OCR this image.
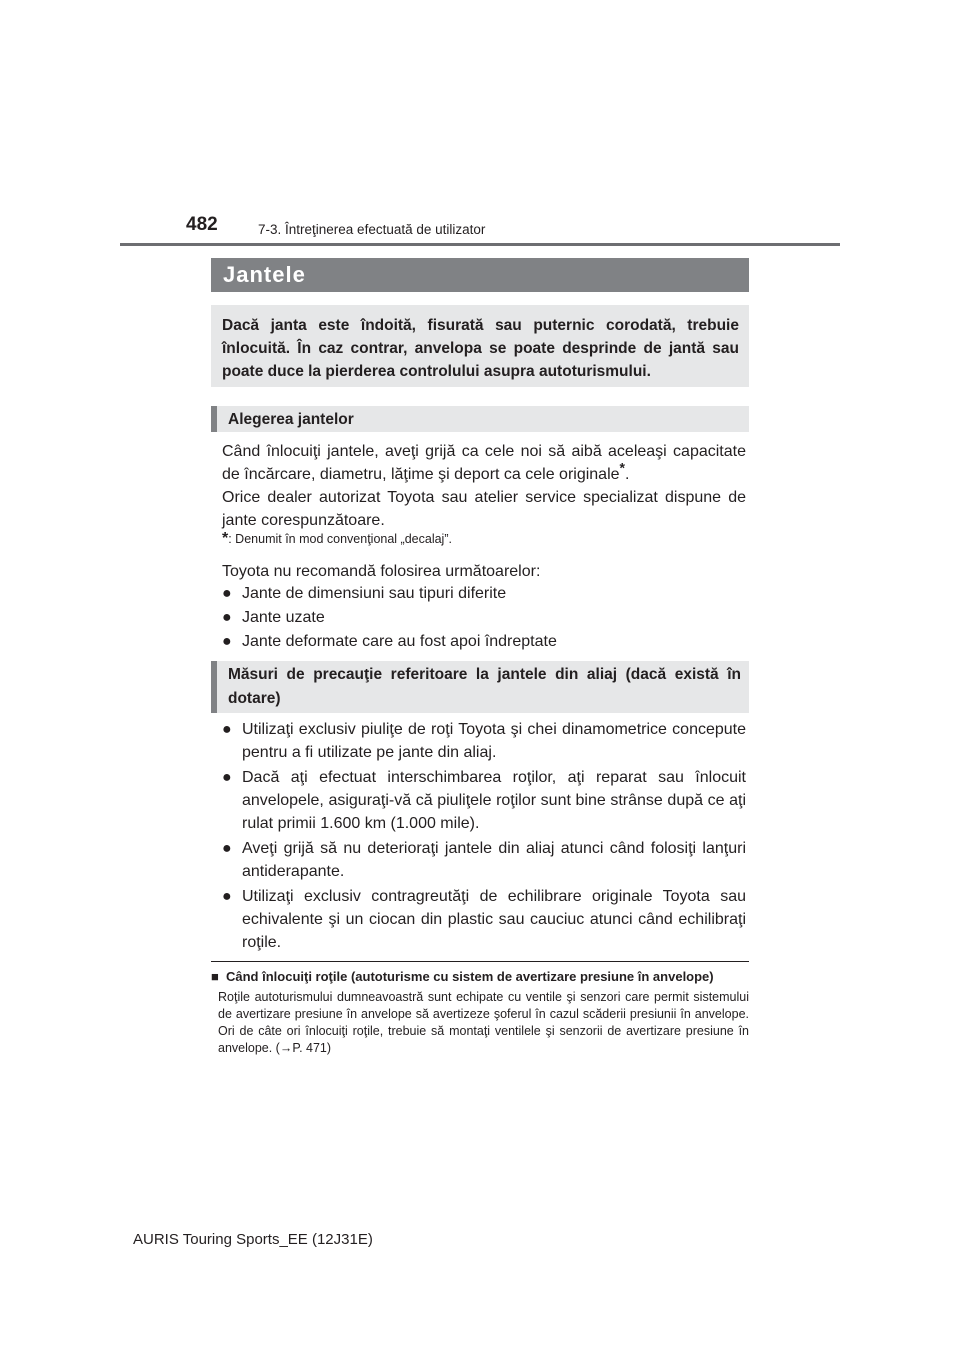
482	7-3. Întreţinerea efectuată de utilizator
Jantele
Dacă janta este îndoită, fisurată sau puternic corodată, trebuie înlocuită. În caz contrar, anvelopa se poate desprinde de jantă sau poate duce la pierderea controlului asupra autoturismului.
Alegerea jantelor
Când înlocuiţi jantele, aveţi grijă ca cele noi să aibă aceleaşi capacitate de încărcare, diametru, lăţime şi deport ca cele originale*.
Orice dealer autorizat Toyota sau atelier service specializat dispune de jante corespunzătoare.
*: Denumit în mod convenţional „decalaj”.
Toyota nu recomandă folosirea următoarelor:
● Jante de dimensiuni sau tipuri diferite
● Jante uzate
● Jante deformate care au fost apoi îndreptate
Măsuri de precauţie referitoare la jantele din aliaj (dacă există în dotare)
● Utilizaţi exclusiv piuliţe de roţi Toyota şi chei dinamometrice concepute pentru a fi utilizate pe jante din aliaj.
● Dacă aţi efectuat interschimbarea roţilor, aţi reparat sau înlocuit anvelopele, asiguraţi-vă că piuliţele roţilor sunt bine strânse după ce aţi rulat primii 1.600 km (1.000 mile).
● Aveţi grijă să nu deterioraţi jantele din aliaj atunci când folosiţi lanţuri antiderapante.
● Utilizaţi exclusiv contragreutăţi de echilibrare originale Toyota sau echivalente şi un ciocan din plastic sau cauciuc atunci când echilibraţi roţile.
■ Când înlocuiţi roţile (autoturisme cu sistem de avertizare presiune în anvelope)
Roţile autoturismului dumneavoastră sunt echipate cu ventile şi senzori care permit sistemului de avertizare presiune în anvelope să avertizeze şoferul în cazul scăderii presiunii în anvelope. Ori de câte ori înlocuiţi roţile, trebuie să montaţi ventilele şi senzorii de avertizare presiune în anvelope. (→P. 471)
AURIS Touring Sports_EE (12J31E)
